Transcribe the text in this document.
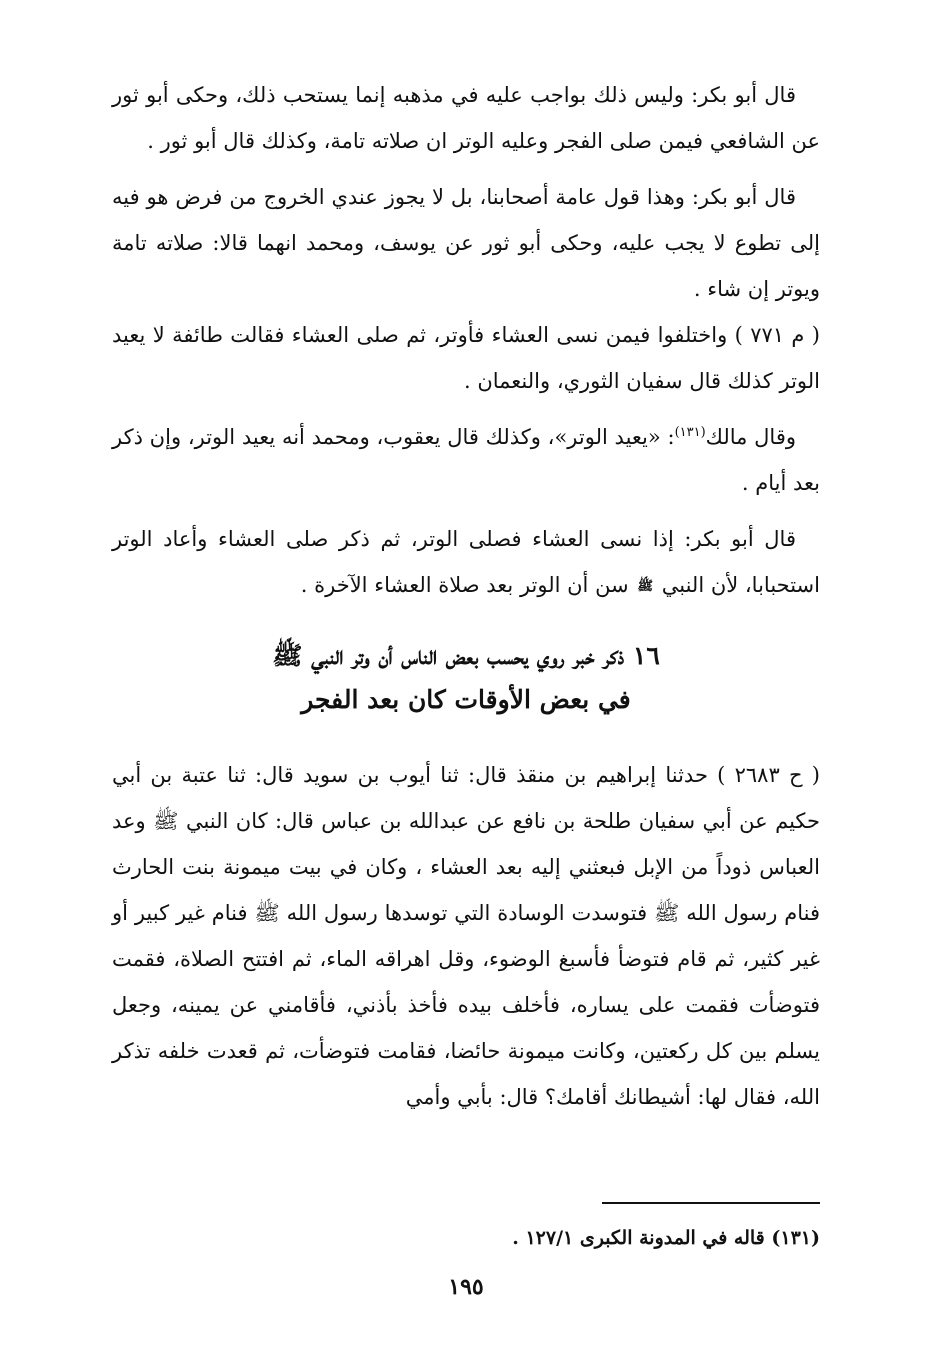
قال أبو بكر: وليس ذلك بواجب عليه في مذهبه إنما يستحب ذلك، وحكى أبو ثور عن الشافعي فيمن صلى الفجر وعليه الوتر ان صلاته تامة، وكذلك قال أبو ثور .

قال أبو بكر: وهذا قول عامة أصحابنا، بل لا يجوز عندي الخروج من فرض هو فيه إلى تطوع لا يجب عليه، وحكى أبو ثور عن يوسف، ومحمد انهما قالا: صلاته تامة ويوتر إن شاء .

( م ٧٧١ ) واختلفوا فيمن نسى العشاء فأوتر، ثم صلى العشاء فقالت طائفة لا يعيد الوتر كذلك قال سفيان الثوري، والنعمان .

وقال مالك$^{(١٣١)}$: «يعيد الوتر»، وكذلك قال يعقوب، ومحمد أنه يعيد الوتر، وإن ذكر بعد أيام .

قال أبو بكر: إذا نسى العشاء فصلى الوتر، ثم ذكر صلى العشاء وأعاد الوتر استحبابا، لأن النبي ﷺ سن أن الوتر بعد صلاة العشاء الآخرة .

١٦ ذكر خبر روي يحسب بعض الناس أن وتر النبي ﷺ
في بعض الأوقات كان بعد الفجر

( ح ٢٦٨٣ ) حدثنا إبراهيم بن منقذ قال: ثنا أيوب بن سويد قال: ثنا عتبة بن أبي حكيم عن أبي سفيان طلحة بن نافع عن عبدالله بن عباس قال: كان النبي ﷺ وعد العباس ذوداً من الإبل فبعثني إليه بعد العشاء ، وكان في بيت ميمونة بنت الحارث فنام رسول الله ﷺ فتوسدت الوسادة التي توسدها رسول الله ﷺ فنام غير كبير أو غير كثير، ثم قام فتوضأ فأسبغ الوضوء، وقل اهراقه الماء، ثم افتتح الصلاة، فقمت فتوضأت فقمت على يساره، فأخلف بيده فأخذ بأذني، فأقامني عن يمينه، وجعل يسلم بين كل ركعتين، وكانت ميمونة حائضا، فقامت فتوضأت، ثم قعدت خلفه تذكر الله، فقال لها: أشيطانك أقامك؟ قال: بأبي وأمي

(١٣١) قاله في المدونة الكبرى ١٢٧/١ .
١٩٥
